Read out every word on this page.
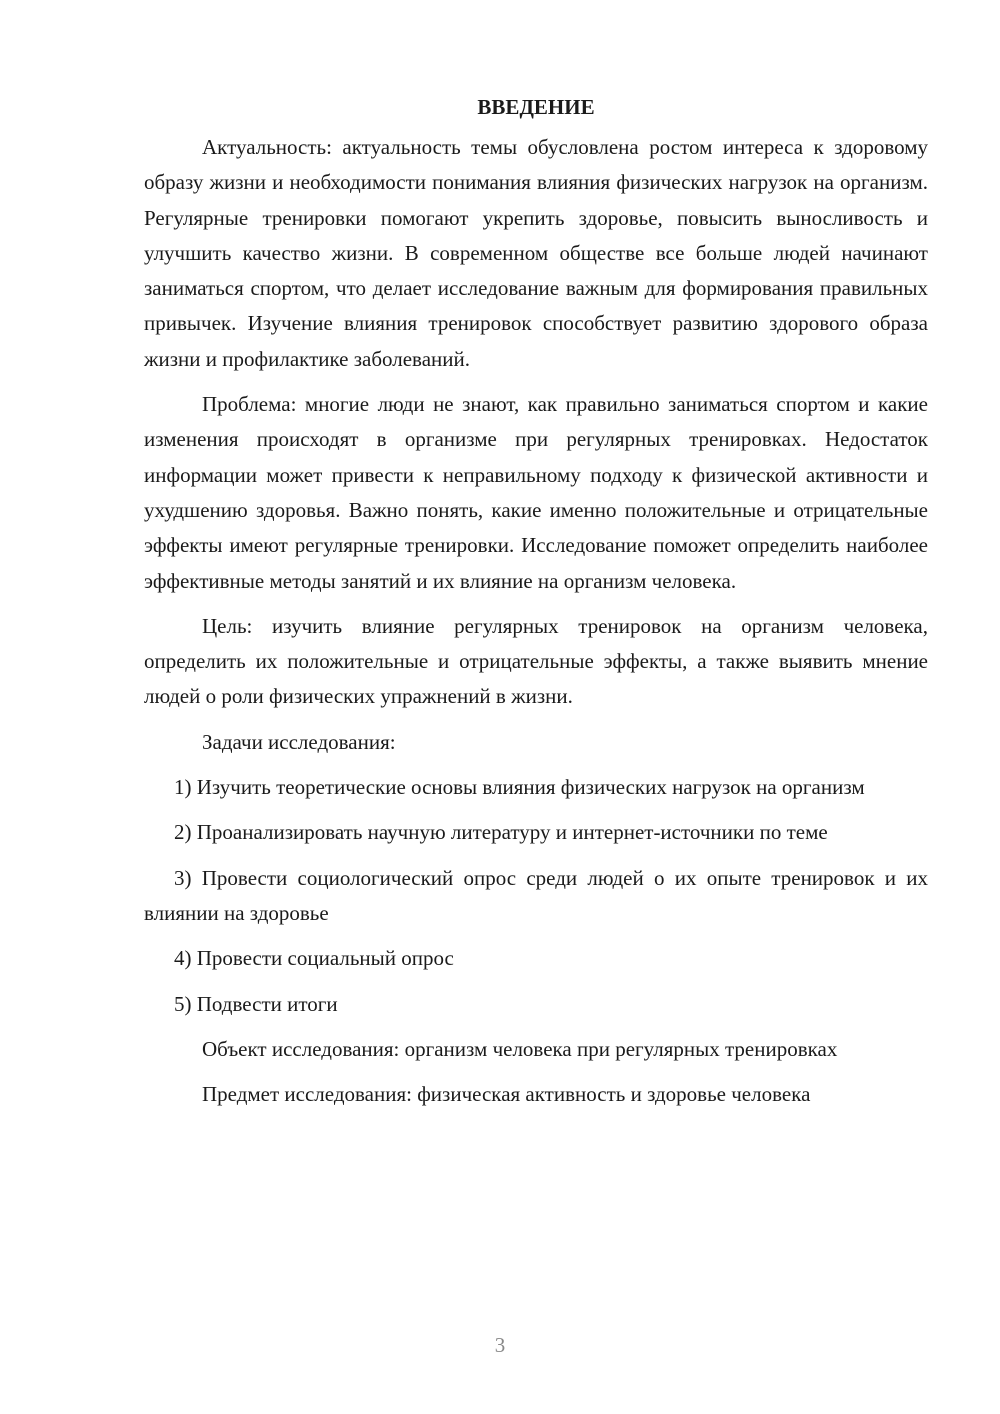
ВВЕДЕНИЕ

Актуальность: актуальность темы обусловлена ростом интереса к здоровому образу жизни и необходимости понимания влияния физических нагрузок на организм. Регулярные тренировки помогают укрепить здоровье, повысить выносливость и улучшить качество жизни. В современном обществе все больше людей начинают заниматься спортом, что делает исследование важным для формирования правильных привычек. Изучение влияния тренировок способствует развитию здорового образа жизни и профилактике заболеваний.

Проблема: многие люди не знают, как правильно заниматься спортом и какие изменения происходят в организме при регулярных тренировках. Недостаток информации может привести к неправильному подходу к физической активности и ухудшению здоровья. Важно понять, какие именно положительные и отрицательные эффекты имеют регулярные тренировки. Исследование поможет определить наиболее эффективные методы занятий и их влияние на организм человека.

Цель: изучить влияние регулярных тренировок на организм человека, определить их положительные и отрицательные эффекты, а также выявить мнение людей о роли физических упражнений в жизни.

Задачи исследования:

1) Изучить теоретические основы влияния физических нагрузок на организм

2) Проанализировать научную литературу и интернет-источники по теме

3) Провести социологический опрос среди людей о их опыте тренировок и их влиянии на здоровье

4) Провести социальный опрос

5) Подвести итоги

Объект исследования: организм человека при регулярных тренировках

Предмет исследования: физическая активность и здоровье человека

3
